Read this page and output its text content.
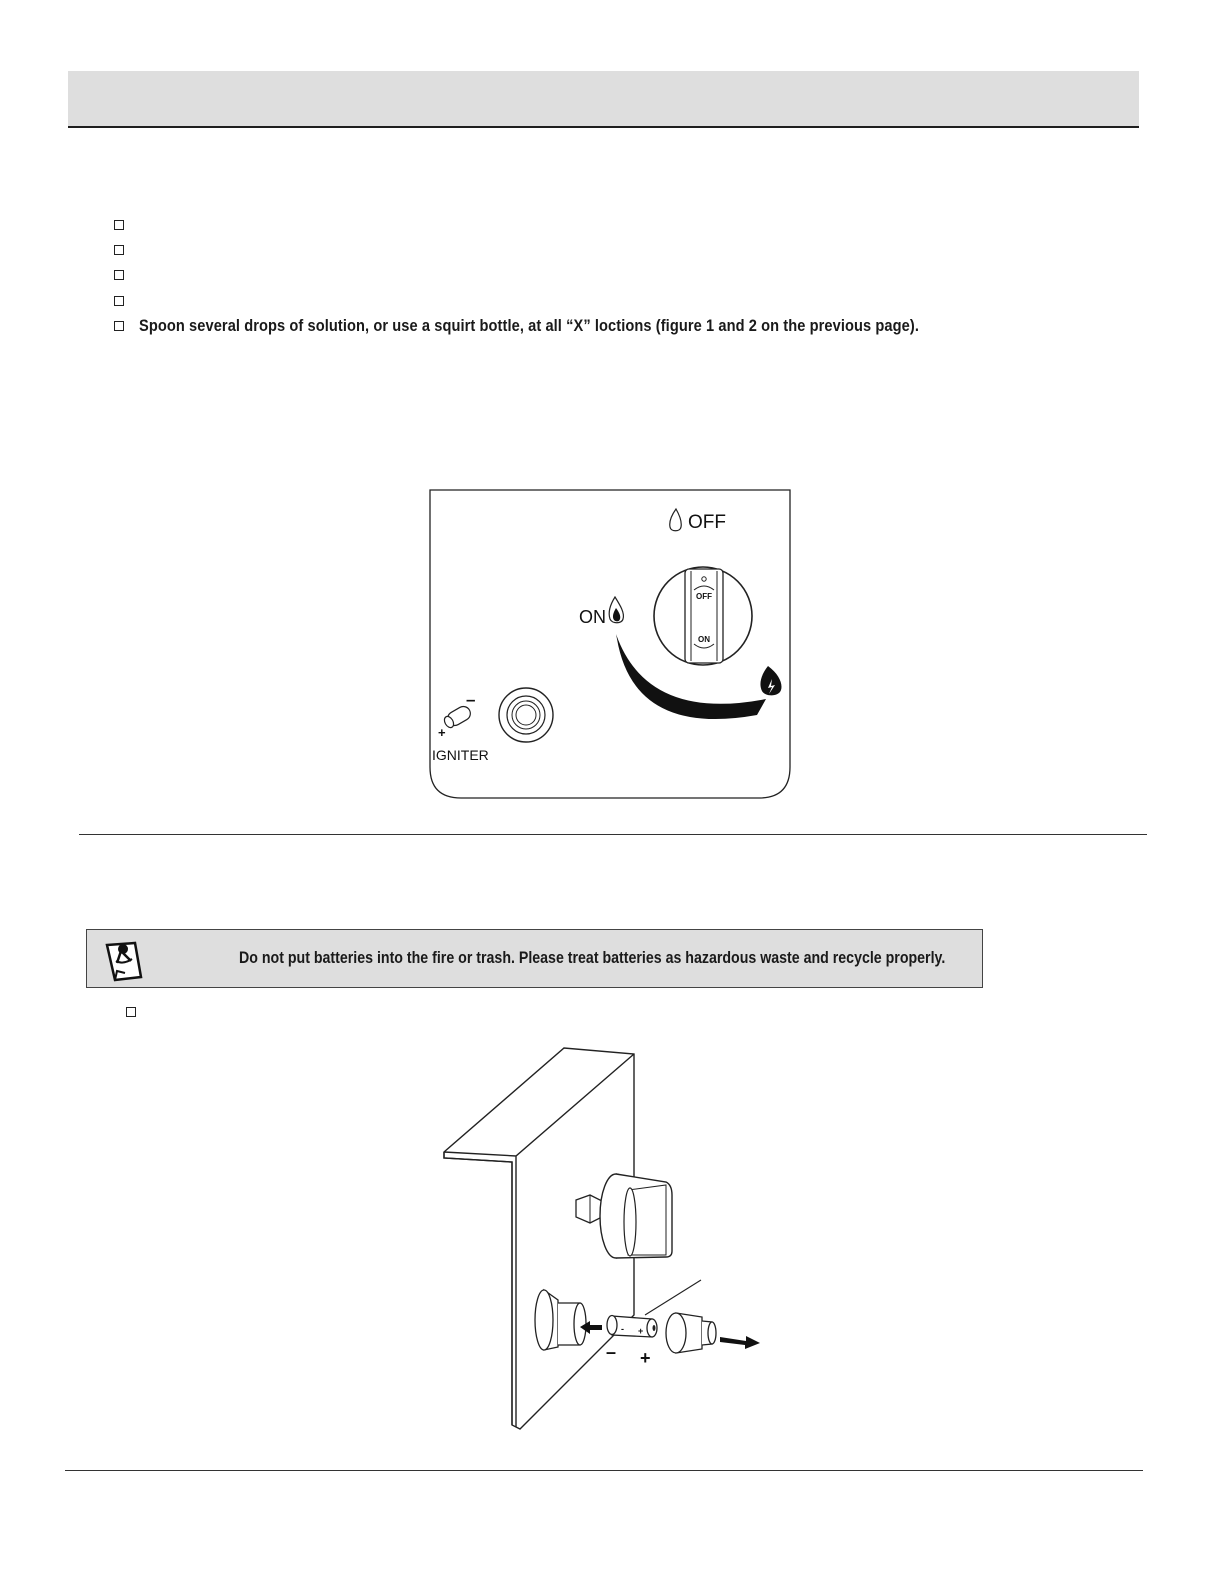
Spoon several drops of solution, or use a squirt bottle, at all “X” loctions (figure 1 and 2 on the previous page).
OFF
ON
OFF
ON
–
+
IGNITER
Do not put batteries into the fire or trash. Please treat batteries as hazardous waste and recycle properly.
- +
– +
